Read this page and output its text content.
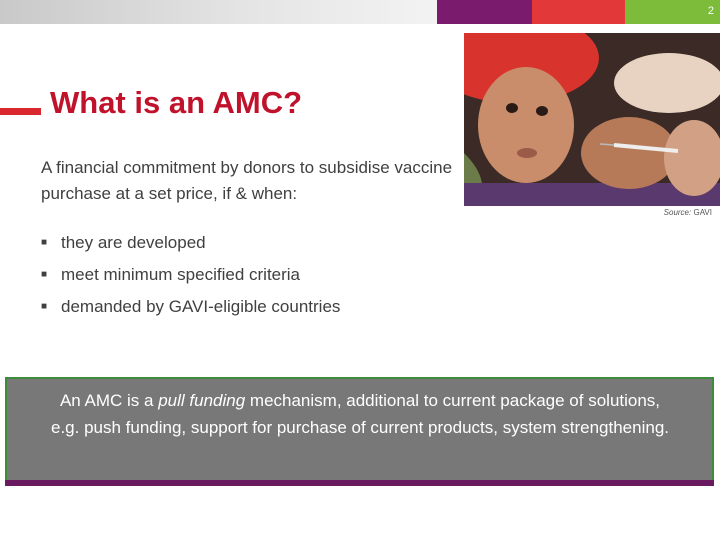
2
What is an AMC?
Source: GAVI

A financial commitment by donors to subsidise vaccine purchase at a set price, if & when:

■ they are developed
■ meet minimum specified criteria
■ demanded by GAVI-eligible countries

An AMC is a pull funding mechanism, additional to current package of solutions, e.g. push funding, support for purchase of current products, system strengthening.
